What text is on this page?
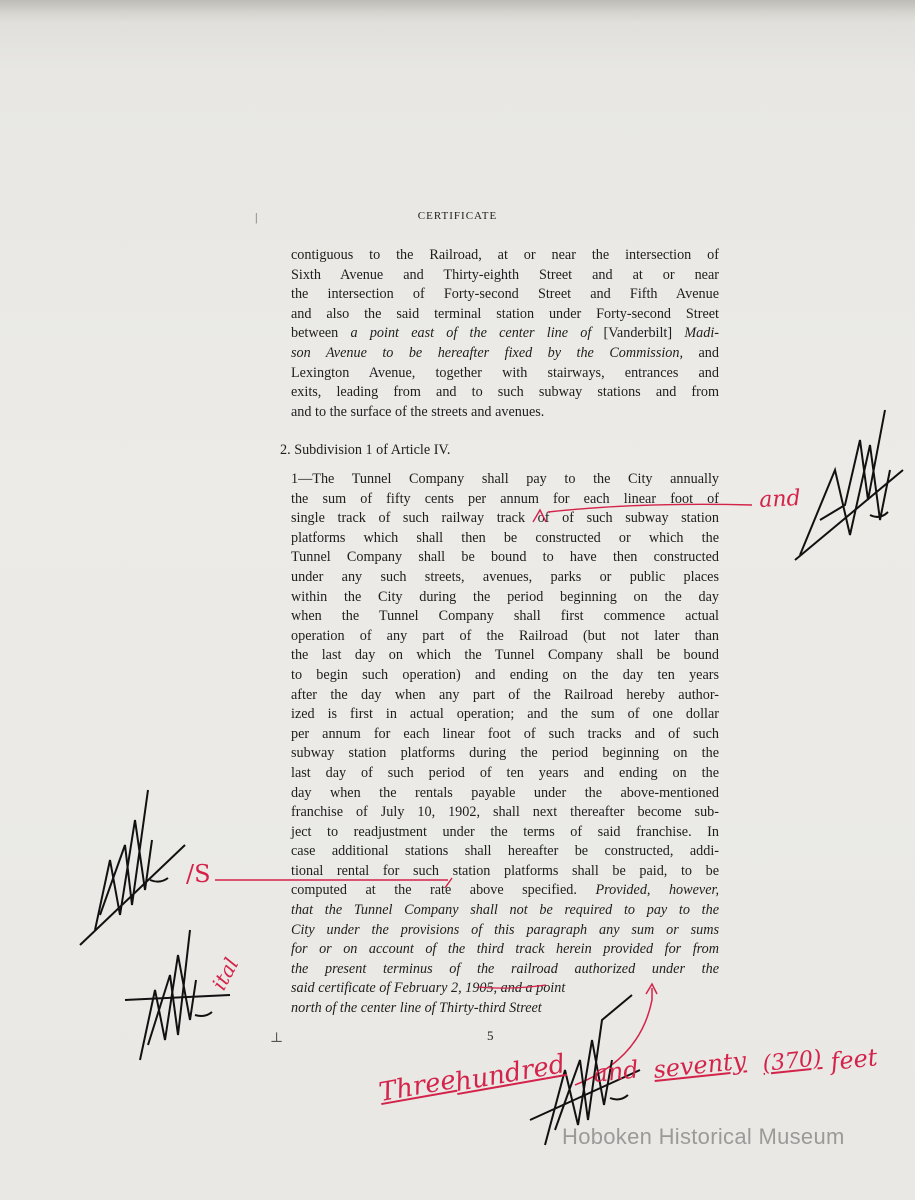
|	CERTIFICATE
contiguous to the Railroad, at or near the intersection of
Sixth Avenue and Thirty-eighth Street and at or near
the intersection of Forty-second Street and Fifth Avenue
and also the said terminal station under Forty-second Street
between a point east of the center line of [Vanderbilt] Madi-
son Avenue to be hereafter fixed by the Commission, and
Lexington Avenue, together with stairways, entrances and
exits, leading from and to such subway stations and from
and to the surface of the streets and avenues.
2. Subdivision 1 of Article IV.
1—The Tunnel Company shall pay to the City annually
the sum of fifty cents per annum for each linear foot of
single track of such railway track of of such subway station
platforms which shall then be constructed or which the
Tunnel Company shall be bound to have then constructed
under any such streets, avenues, parks or public places
within the City during the period beginning on the day
when the Tunnel Company shall first commence actual
operation of any part of the Railroad (but not later than
the last day on which the Tunnel Company shall be bound
to begin such operation) and ending on the day ten years
after the day when any part of the Railroad hereby author-
ized is first in actual operation; and the sum of one dollar
per annum for each linear foot of such tracks and of such
subway station platforms during the period beginning on the
last day of such period of ten years and ending on the
day when the rentals payable under the above-mentioned
franchise of July 10, 1902, shall next thereafter become sub-
ject to readjustment under the terms of said franchise. In
case additional stations shall hereafter be constructed, addi-
tional rental for such station platforms shall be paid, to be
computed at the rate above specified. Provided, however,
that the Tunnel Company shall not be required to pay to the
City under the provisions of this paragraph any sum or sums
for or on account of the third track herein provided for from
the present terminus of the railroad authorized under the
said certificate of February 2, 1905, and a point
north of the center line of Thirty-third Street
5
⊥
and
/S
ital
Three
hundred and seventy (370) feet
Hoboken Historical Museum
